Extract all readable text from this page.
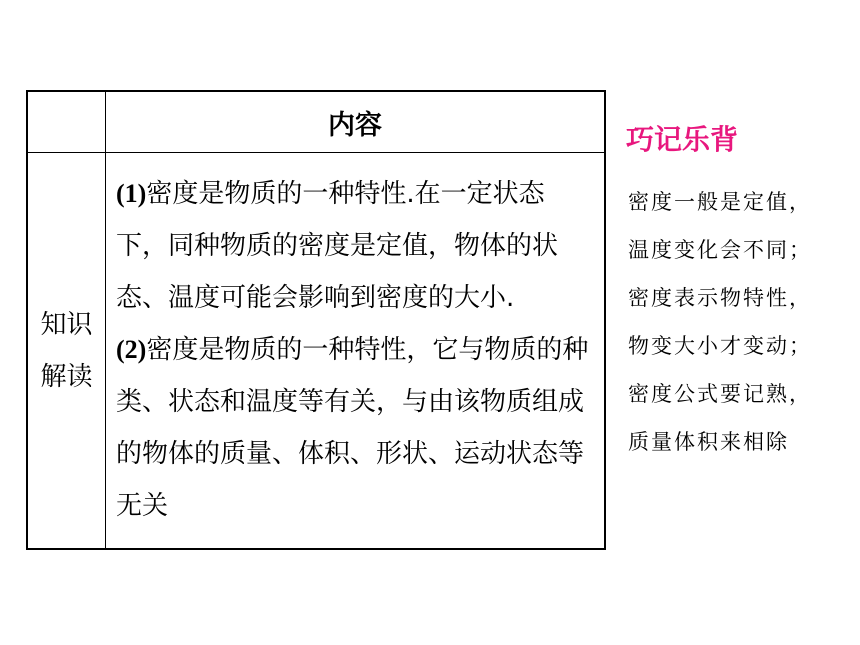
内容
知识
解读

(1)密度是物质的一种特性.在一定状态下，同种物质的密度是定值，物体的状态、温度可能会影响到密度的大小.

(2)密度是物质的一种特性，它与物质的种类、状态和温度等有关，与由该物质组成的物体的质量、体积、形状、运动状态等无关

巧记乐背
密度一般是定值，
温度变化会不同；
密度表示物特性，
物变大小才变动；
密度公式要记熟，
质量体积来相除
